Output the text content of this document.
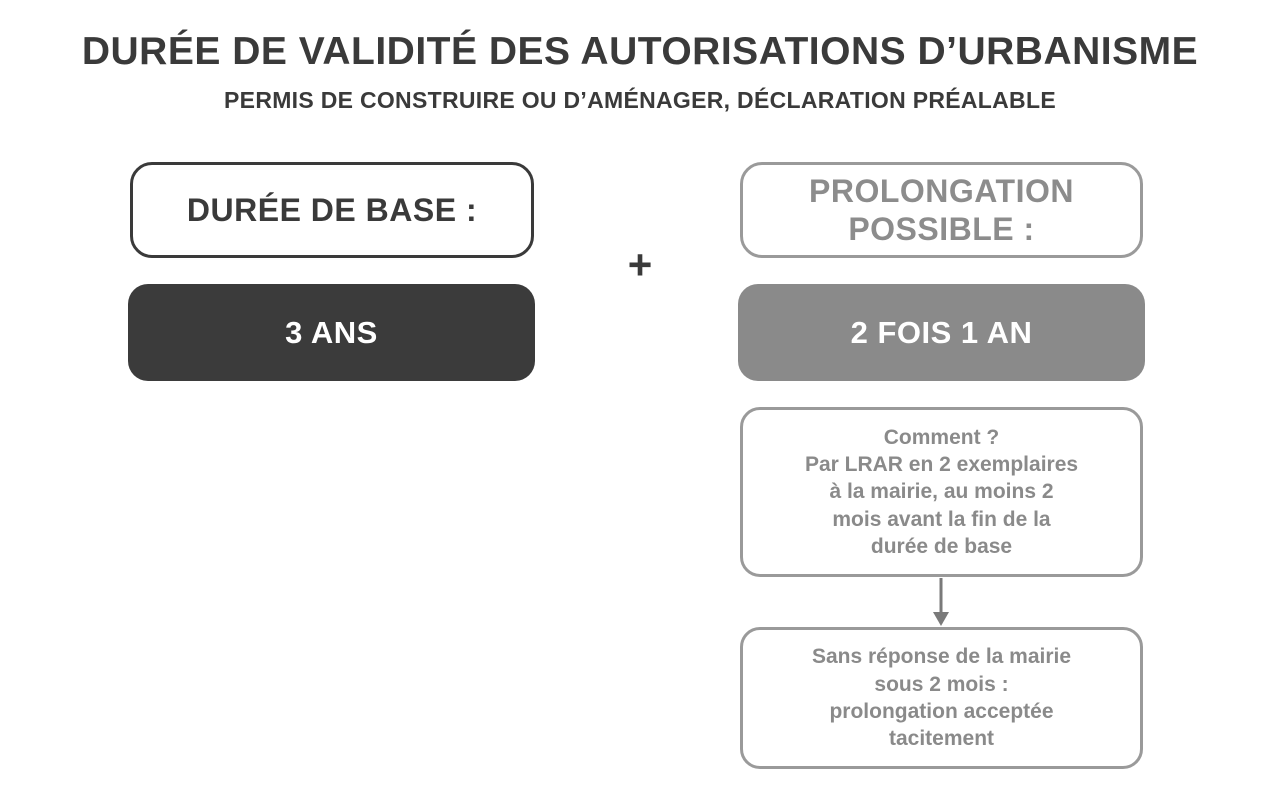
DURÉE DE VALIDITÉ DES AUTORISATIONS D’URBANISME
PERMIS DE CONSTRUIRE OU D’AMÉNAGER, DÉCLARATION PRÉALABLE
DURÉE DE BASE :
3 ANS
+
PROLONGATION POSSIBLE :
2 FOIS 1 AN
Comment ?
Par LRAR en 2 exemplaires
à la mairie, au moins 2
mois avant la fin de la
durée de base
Sans réponse de la mairie
sous 2 mois :
prolongation acceptée
tacitement
